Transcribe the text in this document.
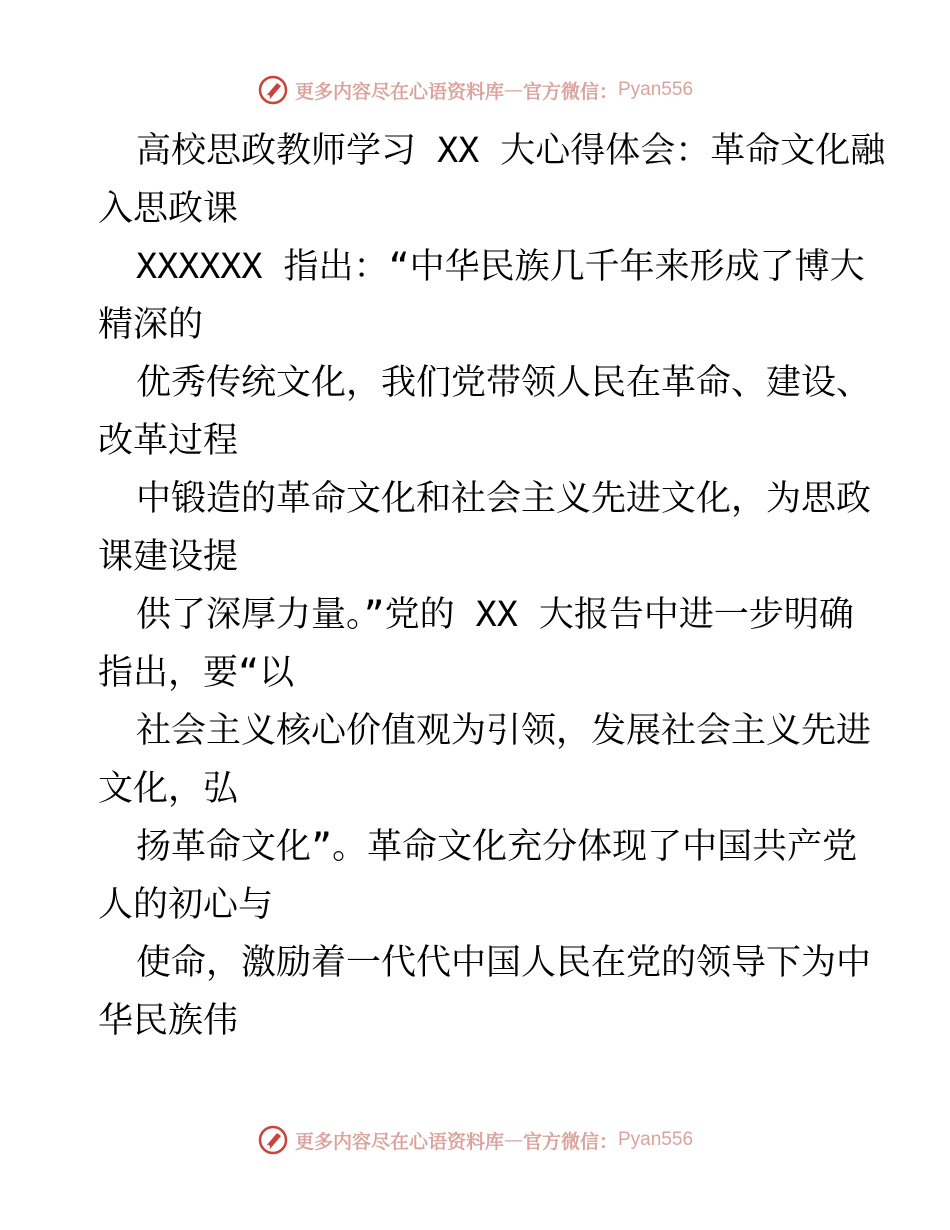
更多内容尽在心语资料库 — 官方微信： Pyan556
高校思政教师学习 XX 大心得体会：革命文化融
入思政课
XXXXXX 指出：“中华民族几千年来形成了博大
精深的
优秀传统文化，我们党带领人民在革命、建设、
改革过程
中锻造的革命文化和社会主义先进文化，为思政
课建设提
供了深厚力量。”党的 XX 大报告中进一步明确
指出，要“以
社会主义核心价值观为引领，发展社会主义先进
文化，弘
扬革命文化”。革命文化充分体现了中国共产党
人的初心与
使命，激励着一代代中国人民在党的领导下为中
华民族伟
更多内容尽在心语资料库 — 官方微信： Pyan556
